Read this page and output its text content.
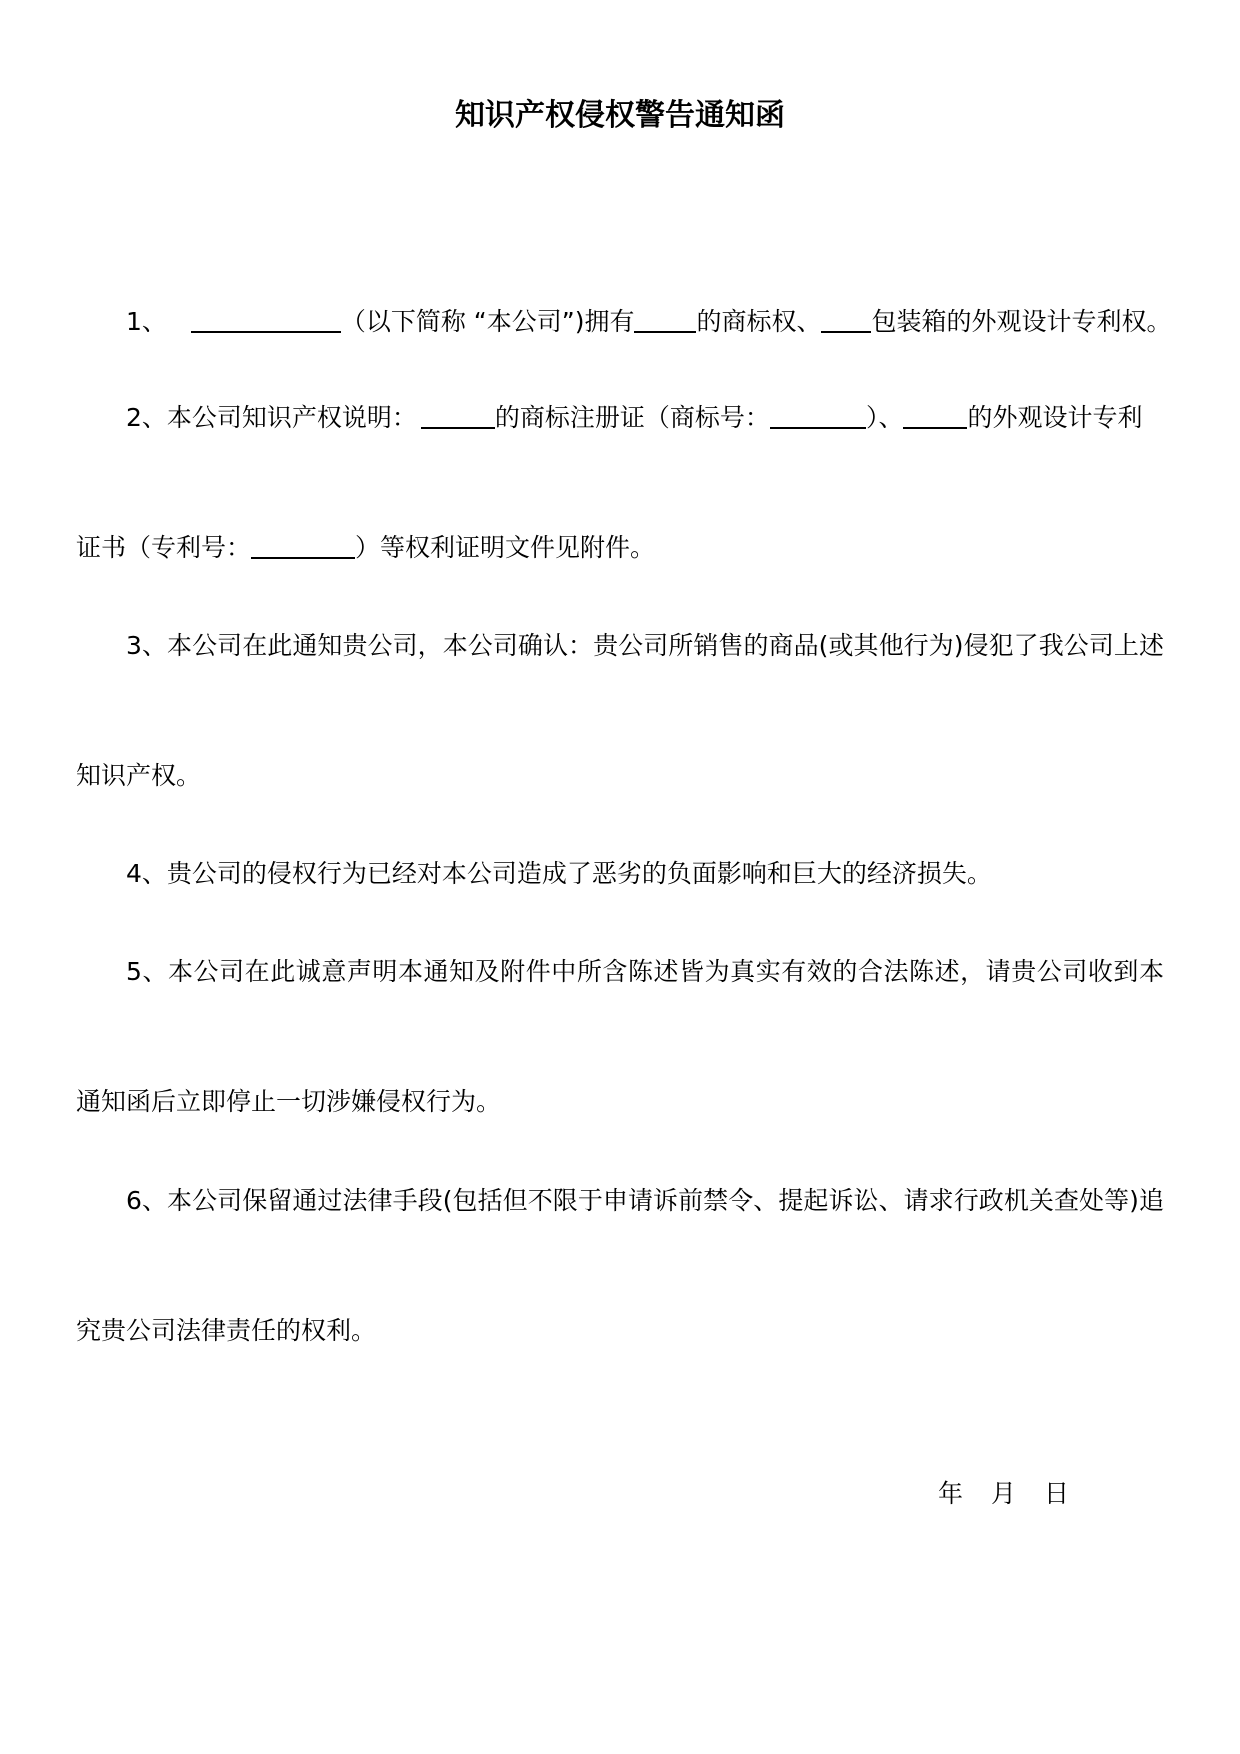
知识产权侵权警告通知函

1、	（以下简称 “本公司”)拥有 的商标权、 包装箱的外观设计专利权。

2、本公司知识产权说明：	的商标注册证（商标号：	）、	的外观设计专利

证书（专利号：	）等权利证明文件见附件。

3、本公司在此通知贵公司，本公司确认：贵公司所销售的商品(或其他行为)侵犯了我公司上述

知识产权。

4、贵公司的侵权行为已经对本公司造成了恶劣的负面影响和巨大的经济损失。

5、本公司在此诚意声明本通知及附件中所含陈述皆为真实有效的合法陈述，请贵公司收到本

通知函后立即停止一切涉嫌侵权行为。

6、本公司保留通过法律手段(包括但不限于申请诉前禁令、提起诉讼、请求行政机关查处等)追

究贵公司法律责任的权利。

年 月 日
